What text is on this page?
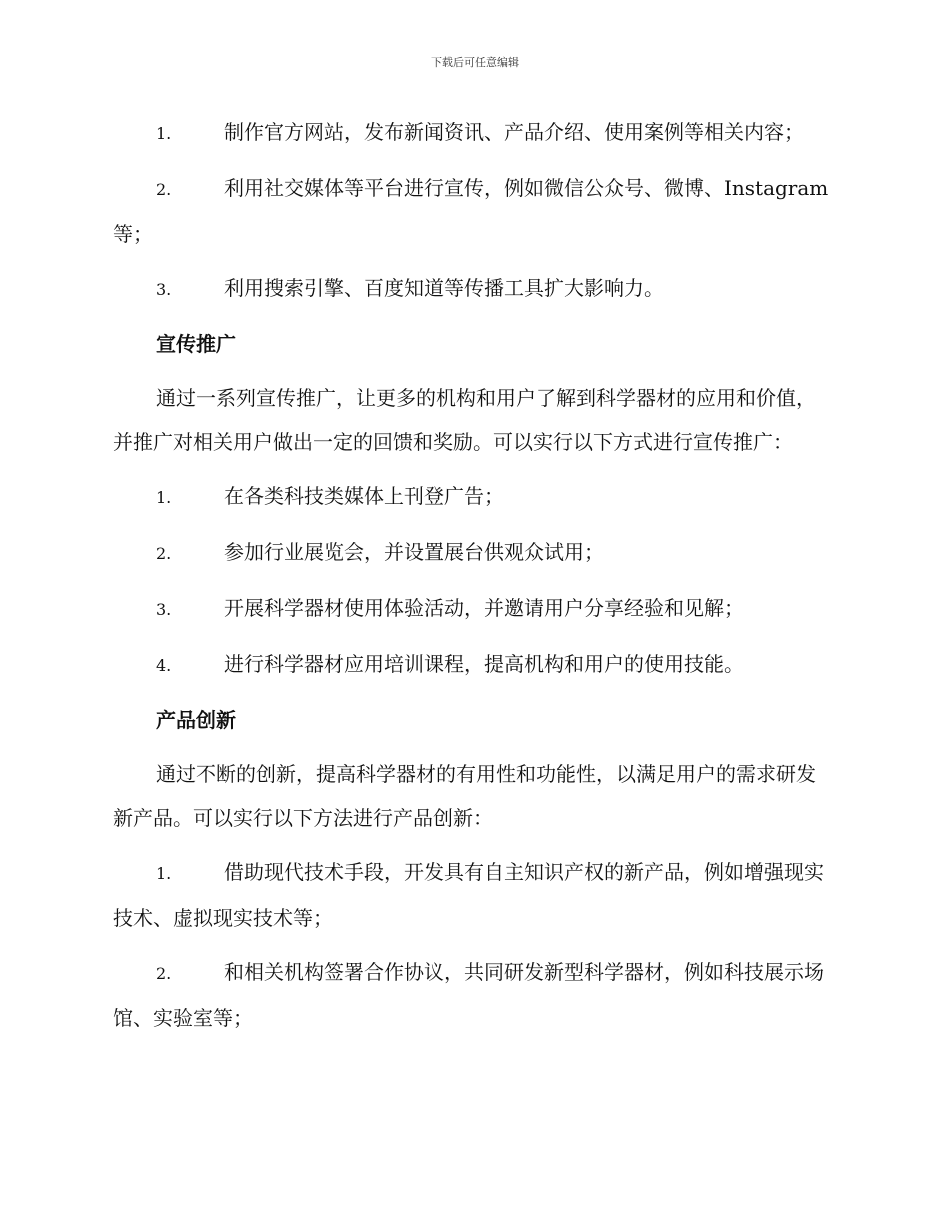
下载后可任意编辑

1.	制作官方网站，发布新闻资讯、产品介绍、使用案例等相关内容；

2.	利用社交媒体等平台进行宣传，例如微信公众号、微博、Instagram 等；

3.	利用搜索引擎、百度知道等传播工具扩大影响力。

宣传推广

通过一系列宣传推广，让更多的机构和用户了解到科学器材的应用和价值，并推广对相关用户做出一定的回馈和奖励。可以实行以下方式进行宣传推广：

1.	在各类科技类媒体上刊登广告；

2.	参加行业展览会，并设置展台供观众试用；

3.	开展科学器材使用体验活动，并邀请用户分享经验和见解；

4.	进行科学器材应用培训课程，提高机构和用户的使用技能。

产品创新

通过不断的创新，提高科学器材的有用性和功能性，以满足用户的需求研发新产品。可以实行以下方法进行产品创新：

1.	借助现代技术手段，开发具有自主知识产权的新产品，例如增强现实技术、虚拟现实技术等；

2.	和相关机构签署合作协议，共同研发新型科学器材，例如科技展示场馆、实验室等；
